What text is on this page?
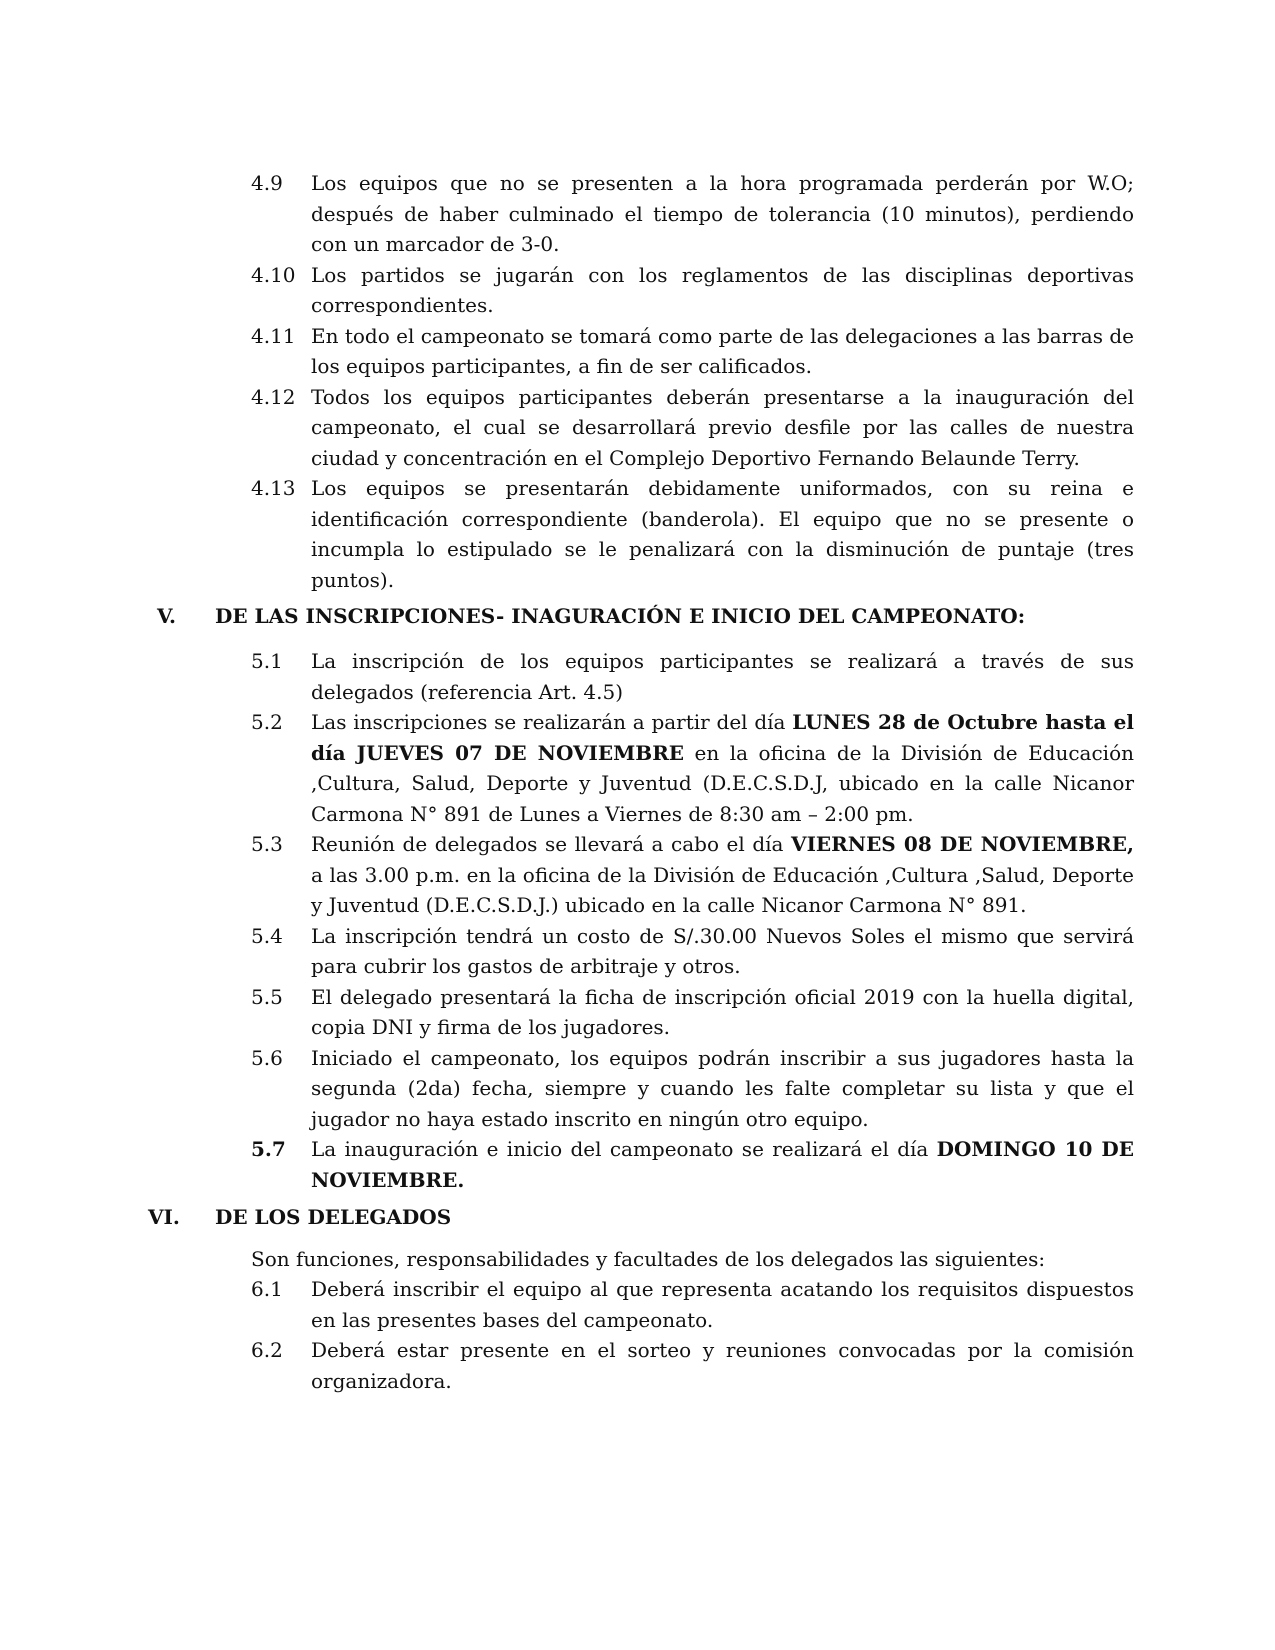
4.9 Los equipos que no se presenten a la hora programada perderán por W.O; después de haber culminado el tiempo de tolerancia (10 minutos), perdiendo con un marcador de 3-0.
4.10 Los partidos se jugarán con los reglamentos de las disciplinas deportivas correspondientes.
4.11 En todo el campeonato se tomará como parte de las delegaciones a las barras de los equipos participantes, a fin de ser calificados.
4.12 Todos los equipos participantes deberán presentarse a la inauguración del campeonato, el cual se desarrollará previo desfile por las calles de nuestra ciudad y concentración en el Complejo Deportivo Fernando Belaunde Terry.
4.13 Los equipos se presentarán debidamente uniformados, con su reina e identificación correspondiente (banderola). El equipo que no se presente o incumpla lo estipulado se le penalizará con la disminución de puntaje (tres puntos).
V. DE LAS INSCRIPCIONES- INAGURACIÓN E INICIO DEL CAMPEONATO:
5.1 La inscripción de los equipos participantes se realizará a través de sus delegados (referencia Art. 4.5)
5.2 Las inscripciones se realizarán a partir del día LUNES 28 de Octubre hasta el día JUEVES 07 DE NOVIEMBRE en la oficina de la División de Educación ,Cultura, Salud, Deporte y Juventud (D.E.C.S.D.J, ubicado en la calle Nicanor Carmona N° 891 de Lunes a Viernes de 8:30 am – 2:00 pm.
5.3 Reunión de delegados se llevará a cabo el día VIERNES 08 DE NOVIEMBRE, a las 3.00 p.m. en la oficina de la División de Educación ,Cultura ,Salud, Deporte y Juventud (D.E.C.S.D.J.) ubicado en la calle Nicanor Carmona N° 891.
5.4 La inscripción tendrá un costo de S/.30.00 Nuevos Soles el mismo que servirá para cubrir los gastos de arbitraje y otros.
5.5 El delegado presentará la ficha de inscripción oficial 2019 con la huella digital, copia DNI y firma de los jugadores.
5.6 Iniciado el campeonato, los equipos podrán inscribir a sus jugadores hasta la segunda (2da) fecha, siempre y cuando les falte completar su lista y que el jugador no haya estado inscrito en ningún otro equipo.
5.7 La inauguración e inicio del campeonato se realizará el día DOMINGO 10 DE NOVIEMBRE.
VI. DE LOS DELEGADOS
Son funciones, responsabilidades y facultades de los delegados las siguientes:
6.1 Deberá inscribir el equipo al que representa acatando los requisitos dispuestos en las presentes bases del campeonato.
6.2 Deberá estar presente en el sorteo y reuniones convocadas por la comisión organizadora.
